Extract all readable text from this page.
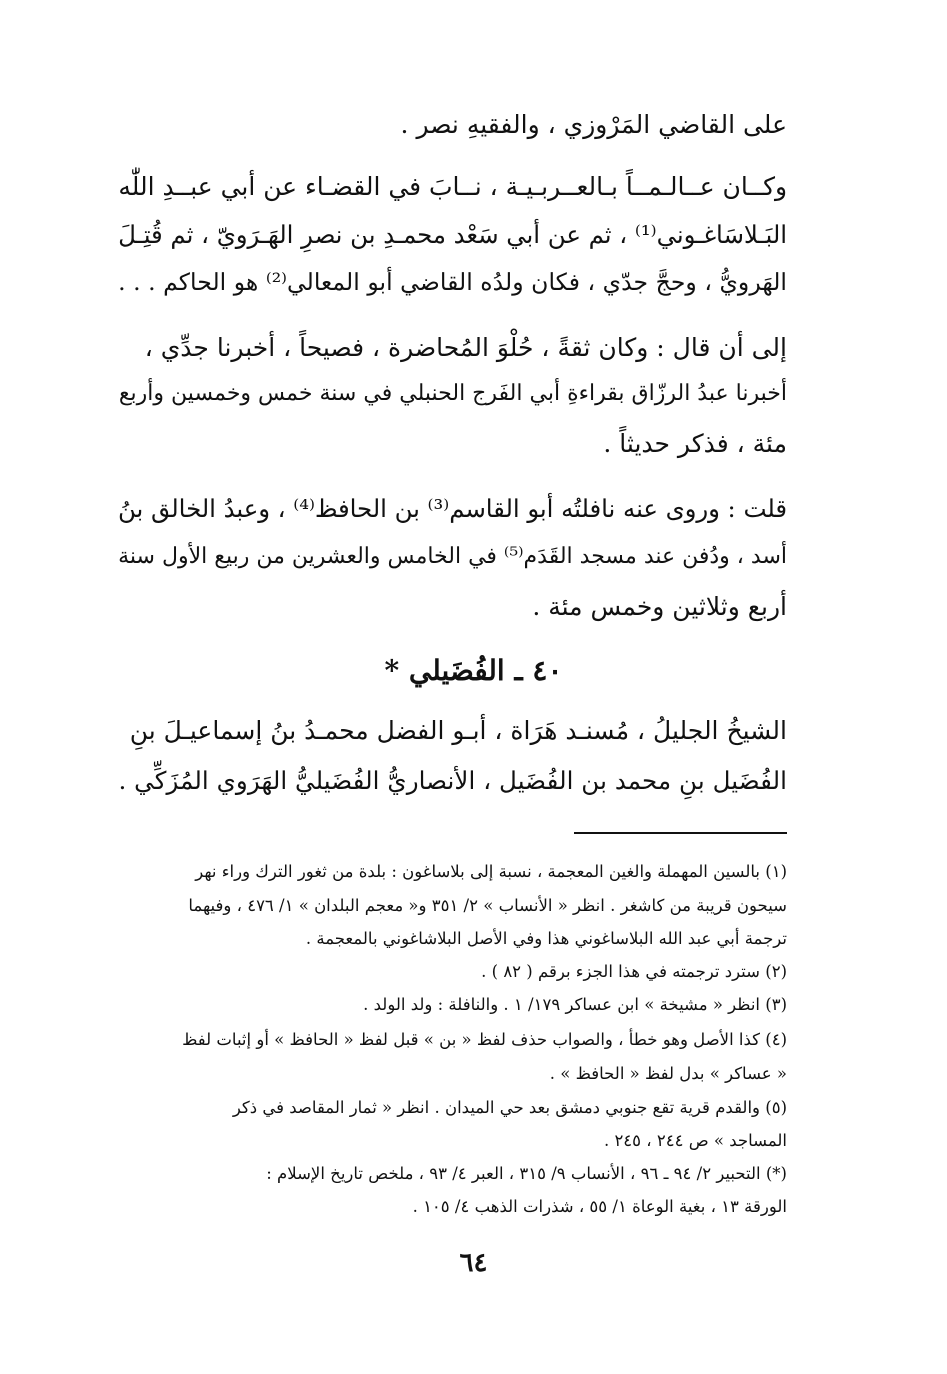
على القاضي المَرْوزي ، والفقيهِ نصر .
وكــان عــالـمــاً بـالعــربـيـة ، نــابَ في القضـاء عن أبي عبــدِ اللّٰه
البَـلاسَاغـوني⁽¹⁾ ، ثم عن أبي سَعْد محمـدِ بن نصرِ الهَـرَويّ ، ثم قُتِـلَ
الهَرويُّ ، وحجَّ جدّي ، فكان ولدُه القاضي أبو المعالي⁽²⁾ هو الحاكم . . .
إلى أن قال : وكان ثقةً ، حُلْوَ المُحاضرة ، فصيحاً ، أخبرنا جدِّي ،
أخبرنا عبدُ الرزّاق بقراءةِ أبي الفَرج الحنبلي في سنة خمس وخمسين وأربع
مئة ، فذكر حديثاً .
قلت : وروى عنه نافلتُه أبو القاسم⁽³⁾ بن الحافظ⁽⁴⁾ ، وعبدُ الخالق بنُ
أسد ، ودُفن عند مسجد القَدَم⁽⁵⁾ في الخامس والعشرين من ربيع الأول سنة
أربع وثلاثين وخمس مئة .
٤٠ ـ الفُضَيلي *
الشيخُ الجليلُ ، مُسنـد هَرَاة ، أبـو الفضل محمـدُ بنُ إسماعيـلَ بنِ
الفُضَيل بنِ محمد بن الفُضَيل ، الأنصاريُّ الفُضَيليُّ الهَرَوي المُزَكِّي .
(١) بالسين المهملة والغين المعجمة ، نسبة إلى بلاساغون : بلدة من ثغور الترك وراء نهر
سيحون قريبة من كاشغر . انظر « الأنساب » ٢/ ٣٥١ و« معجم البلدان » ١/ ٤٧٦ ، وفيهما
ترجمة أبي عبد الله البلاساغوني هذا وفي الأصل البلاشاغوني بالمعجمة .
(٢) سترد ترجمته في هذا الجزء برقم ( ٨٢ ) .
(٣) انظر « مشيخة » ابن عساكر ١٧٩/ ١ . والنافلة : ولد الولد .
(٤) كذا الأصل وهو خطأ ، والصواب حذف لفظ « بن » قبل لفظ « الحافظ » أو إثبات لفظ
« عساكر » بدل لفظ « الحافظ » .
(٥) والقدم قرية تقع جنوبي دمشق بعد حي الميدان . انظر « ثمار المقاصد في ذكر
المساجد » ص ٢٤٤ ، ٢٤٥ .
(*) التحبير ٢/ ٩٤ ـ ٩٦ ، الأنساب ٩/ ٣١٥ ، العبر ٤/ ٩٣ ، ملخص تاريخ الإسلام :
الورقة ١٣ ، بغية الوعاة ١/ ٥٥ ، شذرات الذهب ٤/ ١٠٥ .
٦٤
